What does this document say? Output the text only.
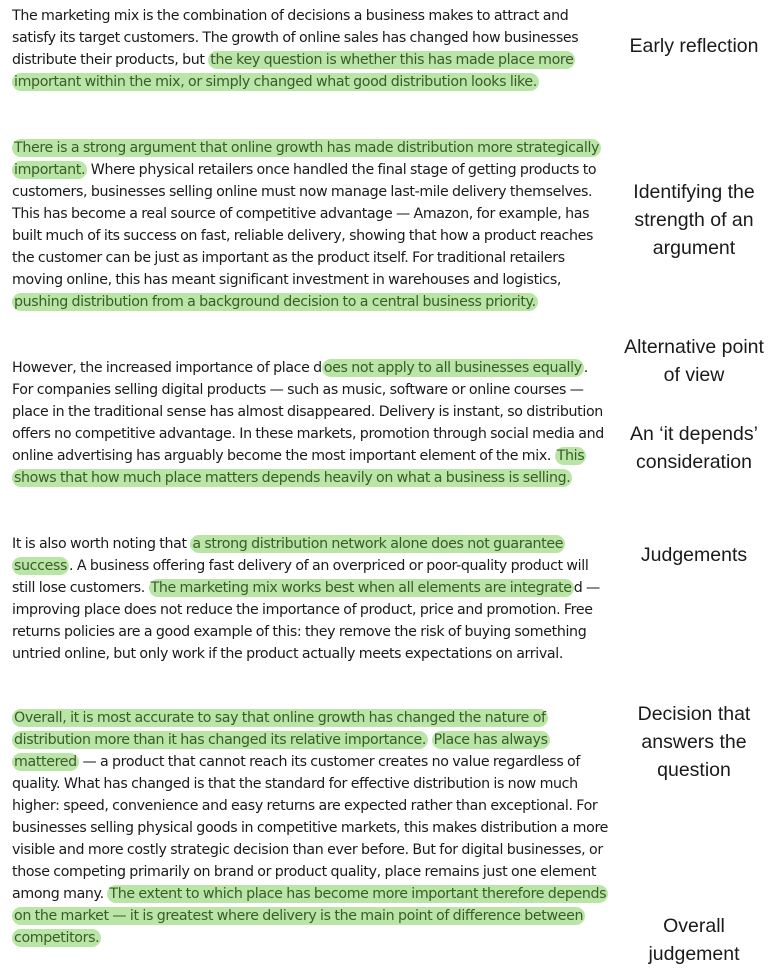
The marketing mix is the combination of decisions a business makes to attract and satisfy its target customers. The growth of online sales has changed how businesses distribute their products, but the key question is whether this has made place more important within the mix, or simply changed what good distribution looks like.

There is a strong argument that online growth has made distribution more strategically important. Where physical retailers once handled the final stage of getting products to customers, businesses selling online must now manage last-mile delivery themselves. This has become a real source of competitive advantage — Amazon, for example, has built much of its success on fast, reliable delivery, showing that how a product reaches the customer can be just as important as the product itself. For traditional retailers moving online, this has meant significant investment in warehouses and logistics, pushing distribution from a background decision to a central business priority.

However, the increased importance of place d oes not apply to all businesses equally . For companies selling digital products — such as music, software or online courses — place in the traditional sense has almost disappeared. Delivery is instant, so distribution offers no competitive advantage. In these markets, promotion through social media and online advertising has arguably become the most important element of the mix. This shows that how much place matters depends heavily on what a business is selling.

It is also worth noting that a strong distribution network alone does not guarantee success . A business offering fast delivery of an overpriced or poor-quality product will still lose customers. The marketing mix works best when all elements are integrate d — improving place does not reduce the importance of product, price and promotion. Free returns policies are a good example of this: they remove the risk of buying something untried online, but only work if the product actually meets expectations on arrival.

Overall, it is most accurate to say that online growth has changed the nature of distribution more than it has changed its relative importance. Place has always mattered — a product that cannot reach its customer creates no value regardless of quality. What has changed is that the standard for effective distribution is now much higher: speed, convenience and easy returns are expected rather than exceptional. For businesses selling physical goods in competitive markets, this makes distribution a more visible and more costly strategic decision than ever before. But for digital businesses, or those competing primarily on brand or product quality, place remains just one element among many. The extent to which place has become more important therefore depends on the market — it is greatest where delivery is the main point of difference between competitors.

Early reflection
Identifying the strength of an argument
Alternative point of view
An ‘it depends’ consideration
Judgements
Decision that answers the question
Overall judgement
